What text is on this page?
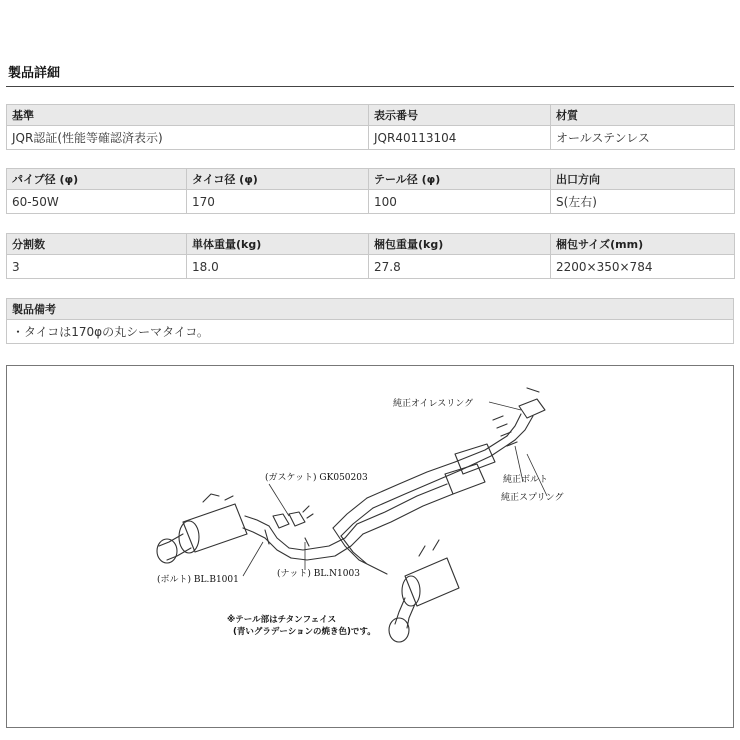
製品詳細
基準	表示番号	材質
JQR認証(性能等確認済表示)	JQR40113104	オールステンレス
パイプ径 (φ)	タイコ径 (φ)	テール径 (φ)	出口方向
60-50W	170	100	S(左右)
分割数	単体重量(kg)	梱包重量(kg)	梱包サイズ(mm)
3	18.0	27.8	2200×350×784
製品備考
・タイコは170φの丸シーマタイコ。
純正オイレスリング
純正ボルト
純正スプリング
(ガスケット) GK050203
(ボルト) BL.B1001
(ナット) BL.N1003
※テール部はチタンフェイス
(青いグラデーションの焼き色)です。
